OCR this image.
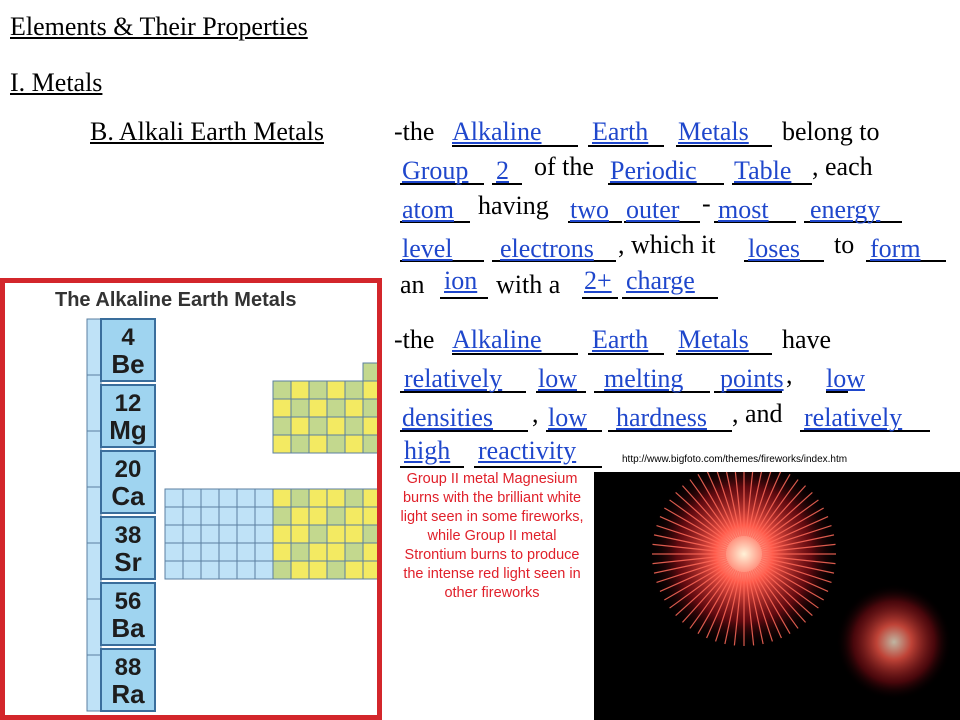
Elements & Their Properties
I. Metals
B. Alkali Earth Metals	-the Alkaline Earth Metals belong to
Group 2 of the Periodic Table , each
atom having two outer - most energy
level electrons , which it loses to form
an ion with a 2+ charge
-the Alkaline Earth Metals have
relatively low melting points , low
densities , low hardness , and relatively
high reactivity	http://www.bigfoto.com/themes/fireworks/index.htm
Group II metal Magnesium burns with the brilliant white light seen in some fireworks, while Group II metal Strontium burns to produce the intense red light seen in other fireworks
The Alkaline Earth Metals
4
Be
12
Mg
20
Ca
38
Sr
56
Ba
88
Ra
